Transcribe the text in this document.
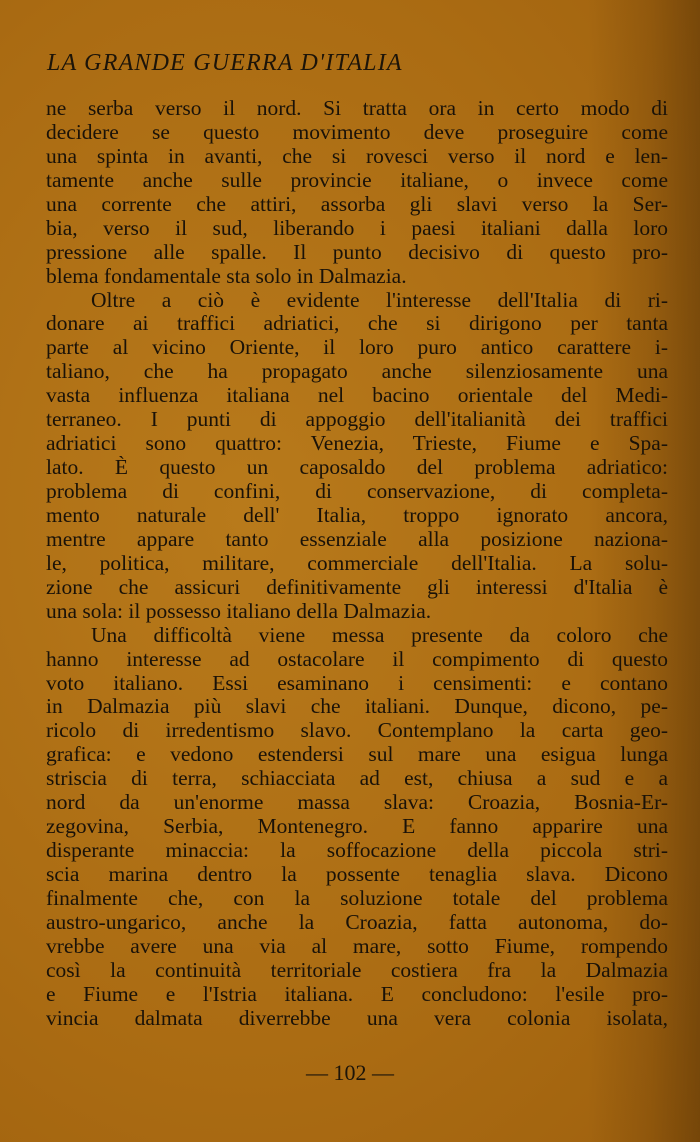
LA GRANDE GUERRA D'ITALIA
ne serba verso il nord. Si tratta ora in certo modo di
decidere se questo movimento deve proseguire come
una spinta in avanti, che si rovesci verso il nord e len-
tamente anche sulle provincie italiane, o invece come
una corrente che attiri, assorba gli slavi verso la Ser-
bia, verso il sud, liberando i paesi italiani dalla loro
pressione alle spalle. Il punto decisivo di questo pro-
blema fondamentale sta solo in Dalmazia.
Oltre a ciò è evidente l'interesse dell'Italia di ri-
donare ai traffici adriatici, che si dirigono per tanta
parte al vicino Oriente, il loro puro antico carattere i-
taliano, che ha propagato anche silenziosamente una
vasta influenza italiana nel bacino orientale del Medi-
terraneo. I punti di appoggio dell'italianità dei traffici
adriatici sono quattro: Venezia, Trieste, Fiume e Spa-
lato. È questo un caposaldo del problema adriatico:
problema di confini, di conservazione, di completa-
mento naturale dell' Italia, troppo ignorato ancora,
mentre appare tanto essenziale alla posizione naziona-
le, politica, militare, commerciale dell'Italia. La solu-
zione che assicuri definitivamente gli interessi d'Italia è
una sola: il possesso italiano della Dalmazia.
Una difficoltà viene messa presente da coloro che
hanno interesse ad ostacolare il compimento di questo
voto italiano. Essi esaminano i censimenti: e contano
in Dalmazia più slavi che italiani. Dunque, dicono, pe-
ricolo di irredentismo slavo. Contemplano la carta geo-
grafica: e vedono estendersi sul mare una esigua lunga
striscia di terra, schiacciata ad est, chiusa a sud e a
nord da un'enorme massa slava: Croazia, Bosnia-Er-
zegovina, Serbia, Montenegro. E fanno apparire una
disperante minaccia: la soffocazione della piccola stri-
scia marina dentro la possente tenaglia slava. Dicono
finalmente che, con la soluzione totale del problema
austro-ungarico, anche la Croazia, fatta autonoma, do-
vrebbe avere una via al mare, sotto Fiume, rompendo
così la continuità territoriale costiera fra la Dalmazia
e Fiume e l'Istria italiana. E concludono: l'esile pro-
vincia dalmata diverrebbe una vera colonia isolata,
— 102 —
